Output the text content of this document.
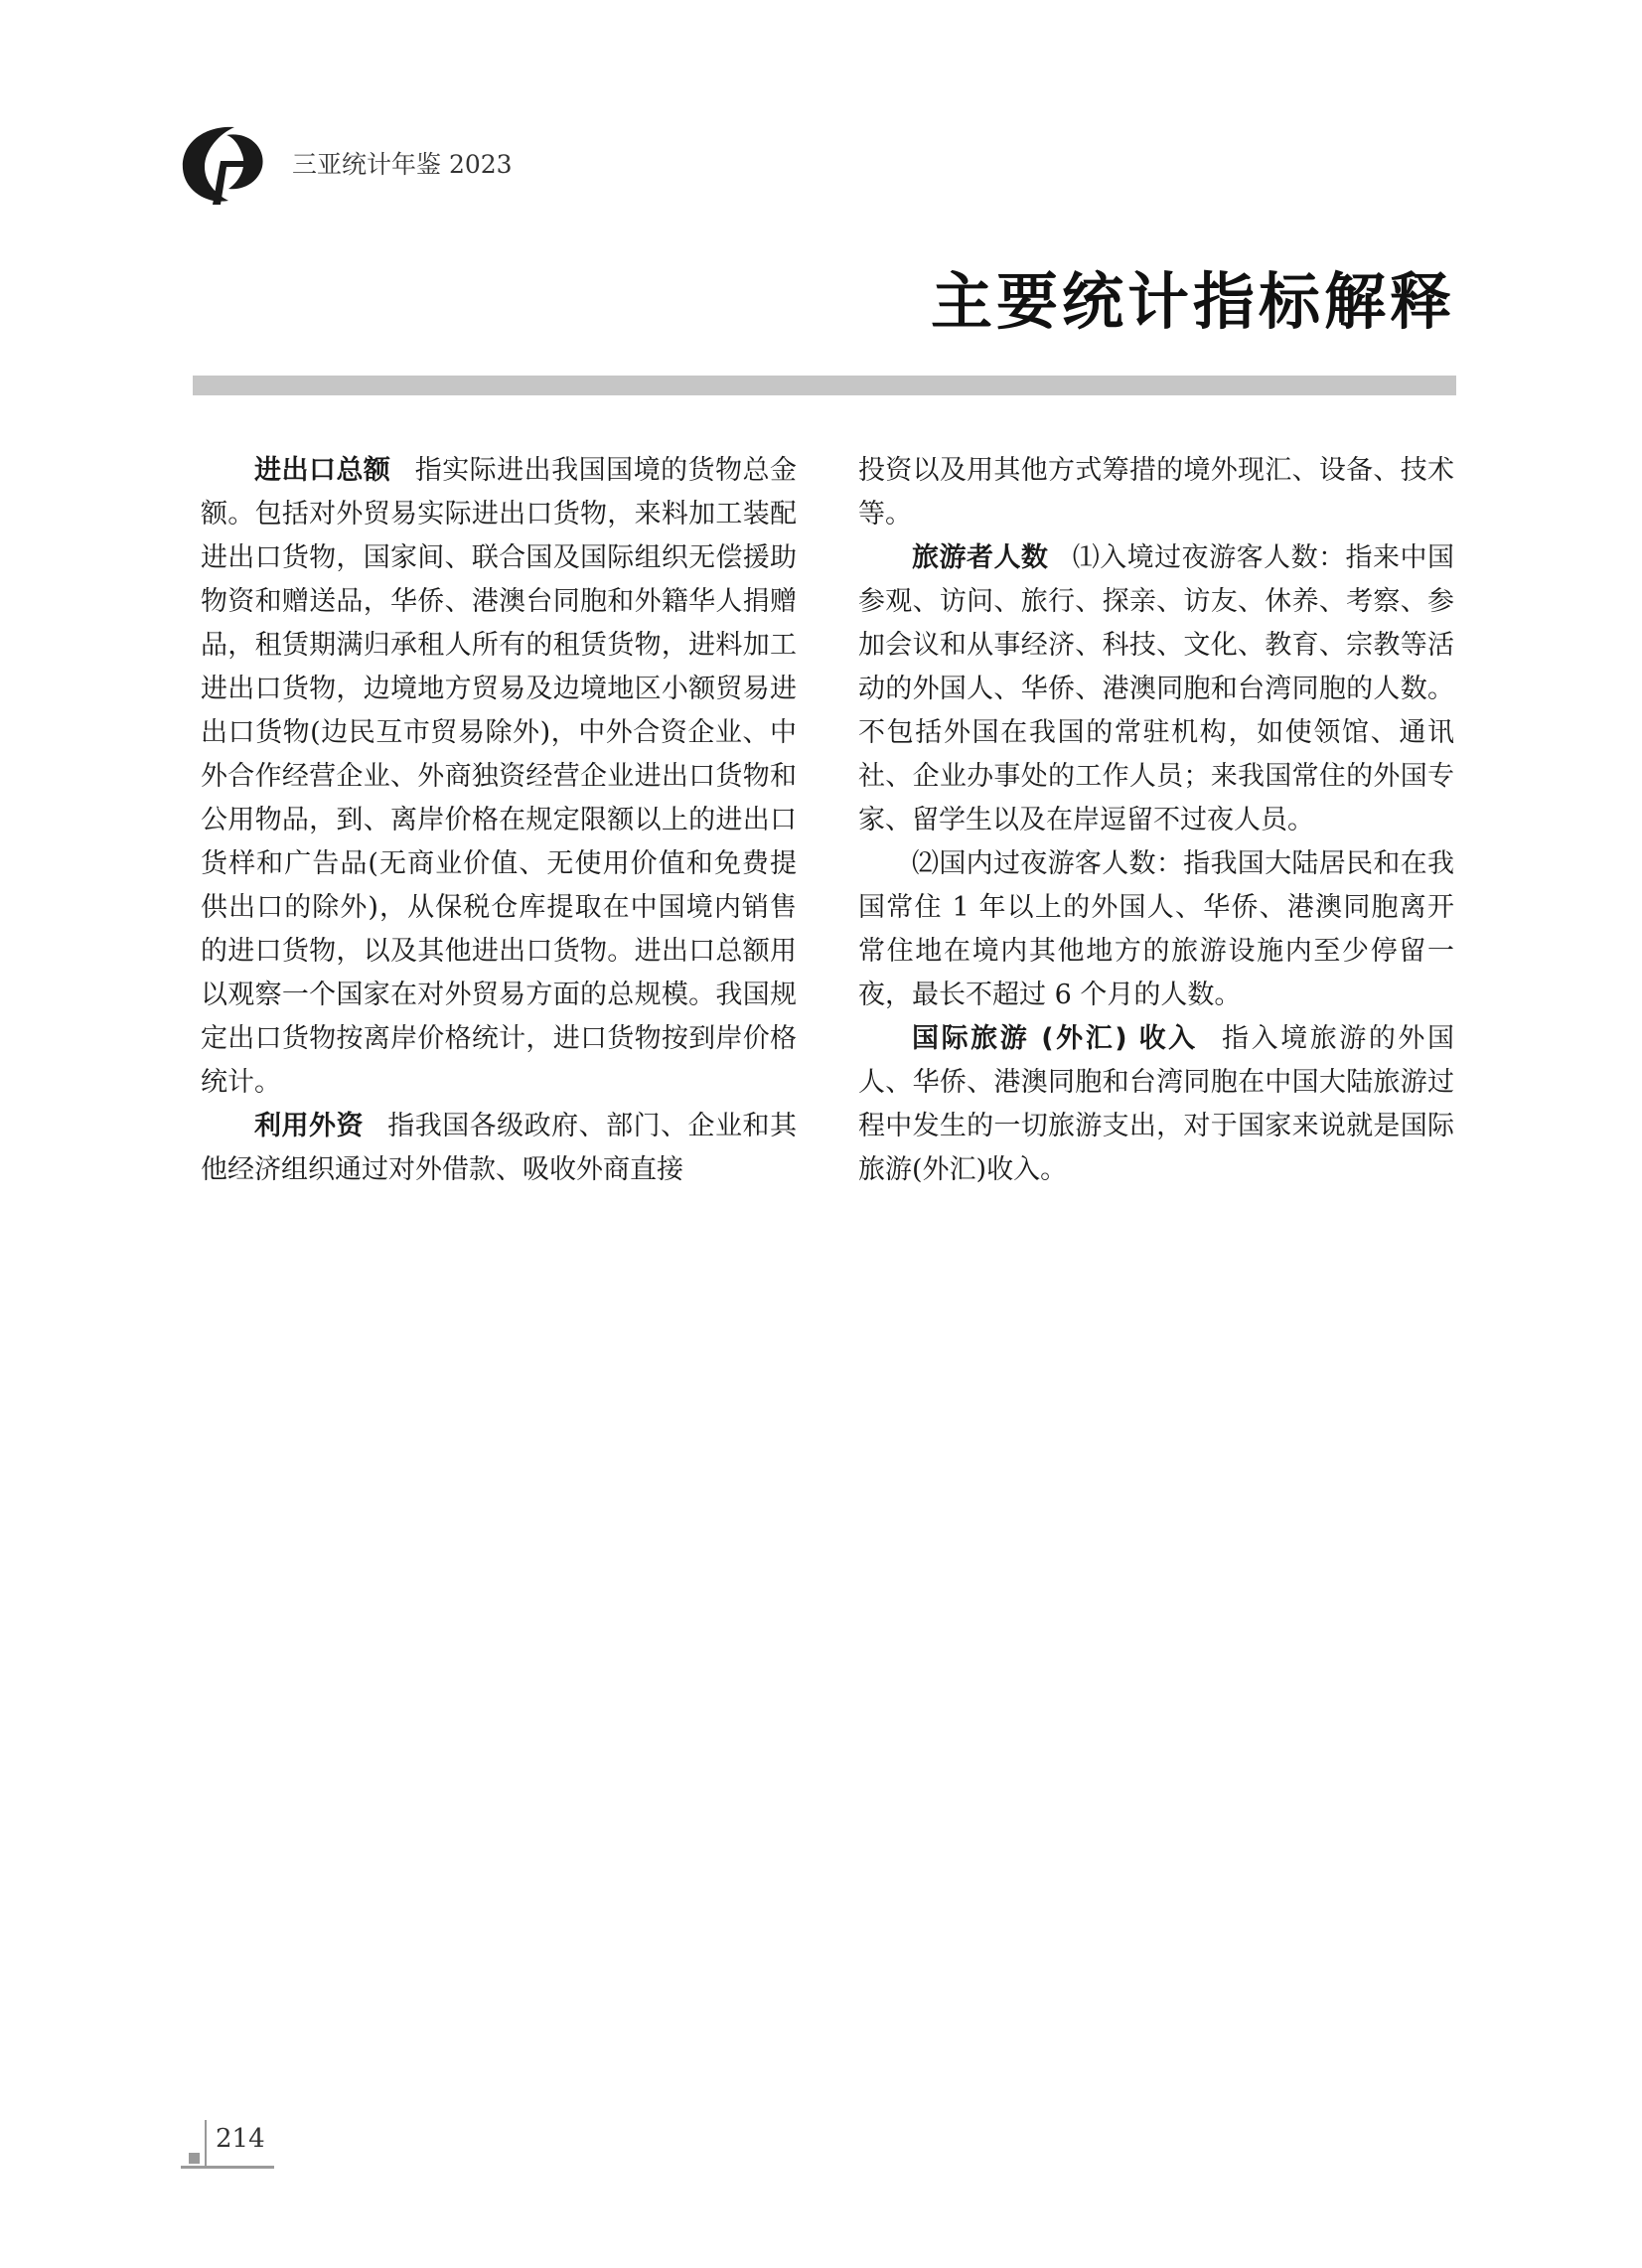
三亚统计年鉴 2023
主要统计指标解释

进出口总额 指实际进出我国国境的货物总金额。包括对外贸易实际进出口货物，来料加工装配进出口货物，国家间、联合国及国际组织无偿援助物资和赠送品，华侨、港澳台同胞和外籍华人捐赠品，租赁期满归承租人所有的租赁货物，进料加工进出口货物，边境地方贸易及边境地区小额贸易进出口货物(边民互市贸易除外)，中外合资企业、中外合作经营企业、外商独资经营企业进出口货物和公用物品，到、离岸价格在规定限额以上的进出口货样和广告品(无商业价值、无使用价值和免费提供出口的除外)，从保税仓库提取在中国境内销售的进口货物，以及其他进出口货物。进出口总额用以观察一个国家在对外贸易方面的总规模。我国规定出口货物按离岸价格统计，进口货物按到岸价格统计。

利用外资 指我国各级政府、部门、企业和其他经济组织通过对外借款、吸收外商直接

投资以及用其他方式筹措的境外现汇、设备、技术等。

旅游者人数 ⑴入境过夜游客人数：指来中国参观、访问、旅行、探亲、访友、休养、考察、参加会议和从事经济、科技、文化、教育、宗教等活动的外国人、华侨、港澳同胞和台湾同胞的人数。不包括外国在我国的常驻机构，如使领馆、通讯社、企业办事处的工作人员；来我国常住的外国专家、留学生以及在岸逗留不过夜人员。

⑵国内过夜游客人数：指我国大陆居民和在我国常住 1 年以上的外国人、华侨、港澳同胞离开常住地在境内其他地方的旅游设施内至少停留一夜，最长不超过 6 个月的人数。

国际旅游 (外汇) 收入 指入境旅游的外国人、华侨、港澳同胞和台湾同胞在中国大陆旅游过程中发生的一切旅游支出，对于国家来说就是国际旅游(外汇)收入。

214
